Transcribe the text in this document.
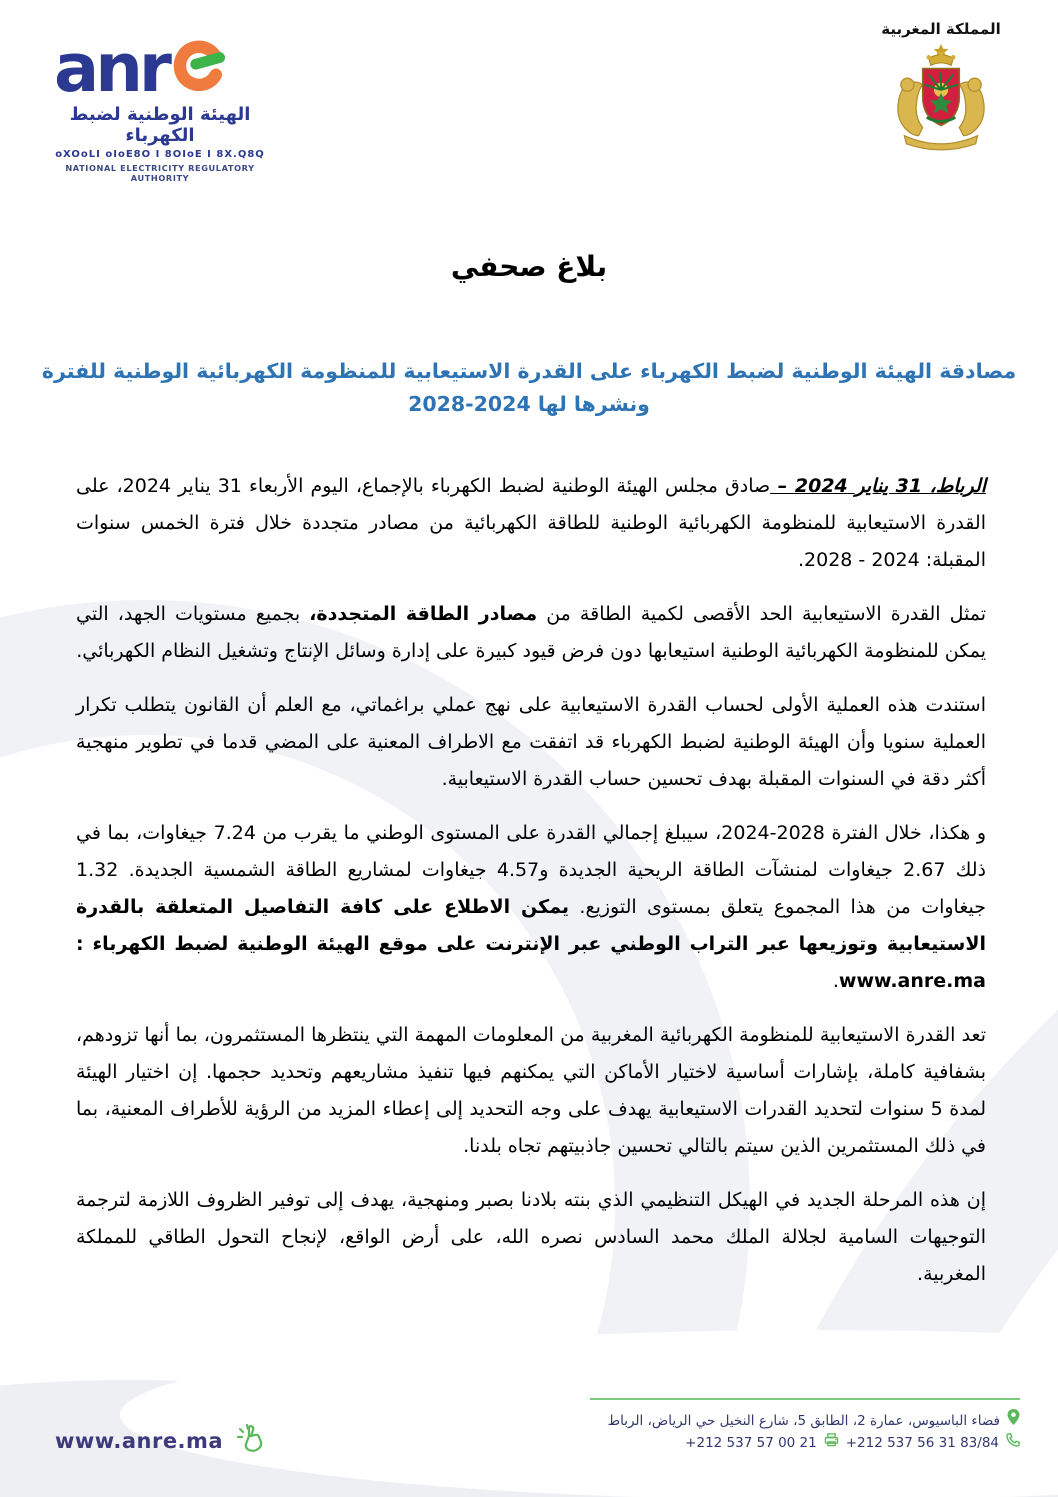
anr
الهيئة الوطنية لضبط الكهرباء
oXOoLI oIoE8O I 8OIoE I 8X.Q8Q
NATIONAL ELECTRICITY REGULATORY AUTHORITY
المملكة المغربية
بلاغ صحفي
مصادقة الهيئة الوطنية لضبط الكهرباء على القدرة الاستيعابية للمنظومة الكهربائية الوطنية للفترة
2028-2024 ونشرها لها

الرباط، 31 يناير 2024 – صادق مجلس الهيئة الوطنية لضبط الكهرباء بالإجماع، اليوم الأربعاء 31 يناير 2024، على القدرة الاستيعابية للمنظومة الكهربائية الوطنية للطاقة الكهربائية من مصادر متجددة خلال فترة الخمس سنوات المقبلة: 2024 - 2028.

تمثل القدرة الاستيعابية الحد الأقصى لكمية الطاقة من مصادر الطاقة المتجددة، بجميع مستويات الجهد، التي يمكن للمنظومة الكهربائية الوطنية استيعابها دون فرض قيود كبيرة على إدارة وسائل الإنتاج وتشغيل النظام الكهربائي.

استندت هذه العملية الأولى لحساب القدرة الاستيعابية على نهج عملي براغماتي، مع العلم أن القانون يتطلب تكرار العملية سنويا وأن الهيئة الوطنية لضبط الكهرباء قد اتفقت مع الاطراف المعنية على المضي قدما في تطوير منهجية أكثر دقة في السنوات المقبلة بهدف تحسين حساب القدرة الاستيعابية.

و هكذا، خلال الفترة 2028-2024، سيبلغ إجمالي القدرة على المستوى الوطني ما يقرب من 7.24 جيغاوات، بما في ذلك 2.67 جيغاوات لمنشآت الطاقة الريحية الجديدة و4.57 جيغاوات لمشاريع الطاقة الشمسية الجديدة. 1.32 جيغاوات من هذا المجموع يتعلق بمستوى التوزيع. يمكن الاطلاع على كافة التفاصيل المتعلقة بالقدرة الاستيعابية وتوزيعها عبر التراب الوطني عبر الإنترنت على موقع الهيئة الوطنية لضبط الكهرباء : www.anre.ma.

تعد القدرة الاستيعابية للمنظومة الكهربائية المغربية من المعلومات المهمة التي ينتظرها المستثمرون، بما أنها تزودهم، بشفافية كاملة، بإشارات أساسية لاختيار الأماكن التي يمكنهم فيها تنفيذ مشاريعهم وتحديد حجمها. إن اختيار الهيئة لمدة 5 سنوات لتحديد القدرات الاستيعابية يهدف على وجه التحديد إلى إعطاء المزيد من الرؤية للأطراف المعنية، بما في ذلك المستثمرين الذين سيتم بالتالي تحسين جاذبيتهم تجاه بلدنا.

إن هذه المرحلة الجديد في الهيكل التنظيمي الذي بنته بلادنا بصبر ومنهجية، يهدف إلى توفير الظروف اللازمة لترجمة التوجيهات السامية لجلالة الملك محمد السادس نصره الله، على أرض الواقع، لإنجاح التحول الطاقي للمملكة المغربية.

www.anre.ma
فضاء الباسيوس، عمارة 2، الطابق 5، شارع النخيل حي الرياض، الرباط
+212 537 56 31 83/84
+212 537 57 00 21
